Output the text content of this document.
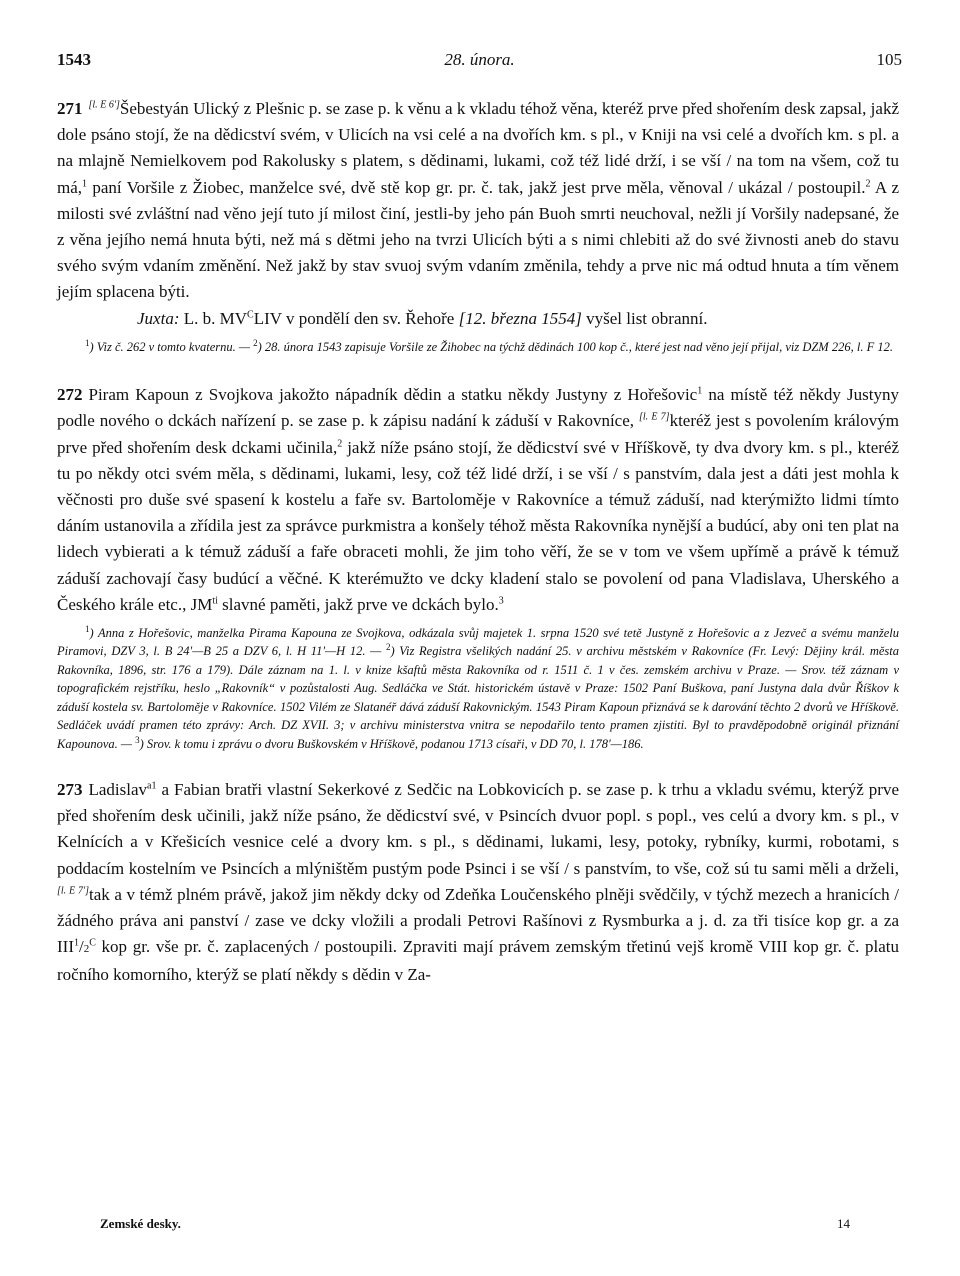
1543	28. února.	105

271 [l. E 6']Šebestyán Ulický z Plešnic p. se zase p. k věnu a k vkladu téhož věna, kteréž prve před shořením desk zapsal, jakž dole psáno stojí, že na dědicství svém, v Ulicích na vsi celé a na dvořích km. s pl., v Kniji na vsi celé a dvořích km. s pl. a na mlajně Nemielkovem pod Rakolusky s platem, s dědinami, lukami, což též lidé drží, i se vší / na tom na všem, což tu má,$^1$ paní Voršile z Žiobec, manželce své, dvě stě kop gr. pr. č. tak, jakž jest prve měla, věnoval / ukázal / postoupil.$^2$ A z milosti své zvláštní nad věno její tuto jí milost činí, jestli-by jeho pán Buoh smrti neuchoval, nežli jí Voršily nadepsané, že z věna jejího nemá hnuta býti, než má s dětmi jeho na tvrzi Ulicích býti a s nimi chlebiti až do své živnosti aneb do stavu svého svým vdaním změnění. Než jakž by stav svuoj svým vdaním změnila, tehdy a prve nic má odtud hnuta a tím věnem jejím splacena býti.

Juxta: L. b. MV$^C$LIV v pondělí den sv. Řehoře [12. března 1554] vyšel list obranní.

$^1$) Viz č. 262 v tomto kvaternu. — $^2$) 28. února 1543 zapisuje Voršile ze Žihobec na týchž dědinách 100 kop č., které jest nad věno její přijal, viz DZM 226, l. F 12.

272 Piram Kapoun z Svojkova jakožto nápadník dědin a statku někdy Justyny z Hořešovic$^1$ na místě též někdy Justyny podle nového o dckách nařízení p. se zase p. k zápisu nadání k záduší v Rakovníce, [l. E 7]kteréž jest s povolením královým prve před shořením desk dckami učinila,$^2$ jakž níže psáno stojí, že dědicství své v Hříškově, ty dva dvory km. s pl., kteréž tu po někdy otci svém měla, s dědinami, lukami, lesy, což též lidé drží, i se vší / s panstvím, dala jest a dáti jest mohla k věčnosti pro duše své spasení k kostelu a faře sv. Bartoloměje v Rakovníce a témuž záduší, nad kterýmižto lidmi tímto dáním ustanovila a zřídila jest za správce purkmistra a konšely téhož města Rakovníka nynější a budúcí, aby oni ten plat na lidech vybierati a k témuž záduší a faře obraceti mohli, že jim toho věří, že se v tom ve všem upřímě a právě k témuž záduší zachovají časy budúcí a věčné. K kterémužto ve dcky kladení stalo se povolení od pana Vladislava, Uherského a Českého krále etc., JM$^{ti}$ slavné paměti, jakž prve ve dckách bylo.$^3$

$^1$) Anna z Hořešovic, manželka Pirama Kapouna ze Svojkova, odkázala svůj majetek 1. srpna 1520 své tetě Justyně z Hořešovic a z Jezveč a svému manželu Piramovi, DZV 3, l. B 24'—B 25 a DZV 6, l. H 11'—H 12. — $^2$) Viz Registra všelikých nadání 25. v archivu městském v Rakovníce (Fr. Levý: Dějiny král. města Rakovníka, 1896, str. 176 a 179). Dále záznam na 1. l. v knize kšaftů města Rakovníka od r. 1511 č. 1 v čes. zemském archivu v Praze. — Srov. též záznam v topografickém rejstříku, heslo „Rakovník“ v pozůstalosti Aug. Sedláčka ve Stát. historickém ústavě v Praze: 1502 Paní Buškova, paní Justyna dala dvůr Říškov k záduší kostela sv. Bartoloměje v Rakovníce. 1502 Vilém ze Slatanéř dává záduší Rakovnickým. 1543 Piram Kapoun přiznává se k darování těchto 2 dvorů ve Hříškově. Sedláček uvádí pramen této zprávy: Arch. DZ XVII. 3; v archivu ministerstva vnitra se nepodařilo tento pramen zjistiti. Byl to pravděpodobně originál přiznání Kapounova. — $^3$) Srov. k tomu i zprávu o dvoru Buškovském v Hříškově, podanou 1713 císaři, v DD 70, l. 178'—186.

273 Ladislav$^{a1}$ a Fabian bratři vlastní Sekerkové z Sedčic na Lobkovicích p. se zase p. k trhu a vkladu svému, kterýž prve před shořením desk učinili, jakž níže psáno, že dědicství své, v Psincích dvuor popl. s popl., ves celú a dvory km. s pl., v Kelnících a v Křešicích vesnice celé a dvory km. s pl., s dědinami, lukami, lesy, potoky, rybníky, kurmi, robotami, s poddacím kostelním ve Psincích a mlýništěm pustým pode Psinci i se vší / s panstvím, to vše, což sú tu sami měli a drželi, [l. E 7']tak a v témž plném právě, jakož jim někdy dcky od Zdeňka Loučenského plněji svědčily, v týchž mezech a hranicích / žádného práva ani panství / zase ve dcky vložili a prodali Petrovi Rašínovi z Rysmburka a j. d. za tři tisíce kop gr. a za III$^1$/2$^C$ kop gr. vše pr. č. zaplacených / postoupili. Zpraviti mají právem zemským třetinú vejš kromě VIII kop gr. č. platu ročního komorního, kterýž se platí někdy s dědin v Za-

Zemské desky.	14
